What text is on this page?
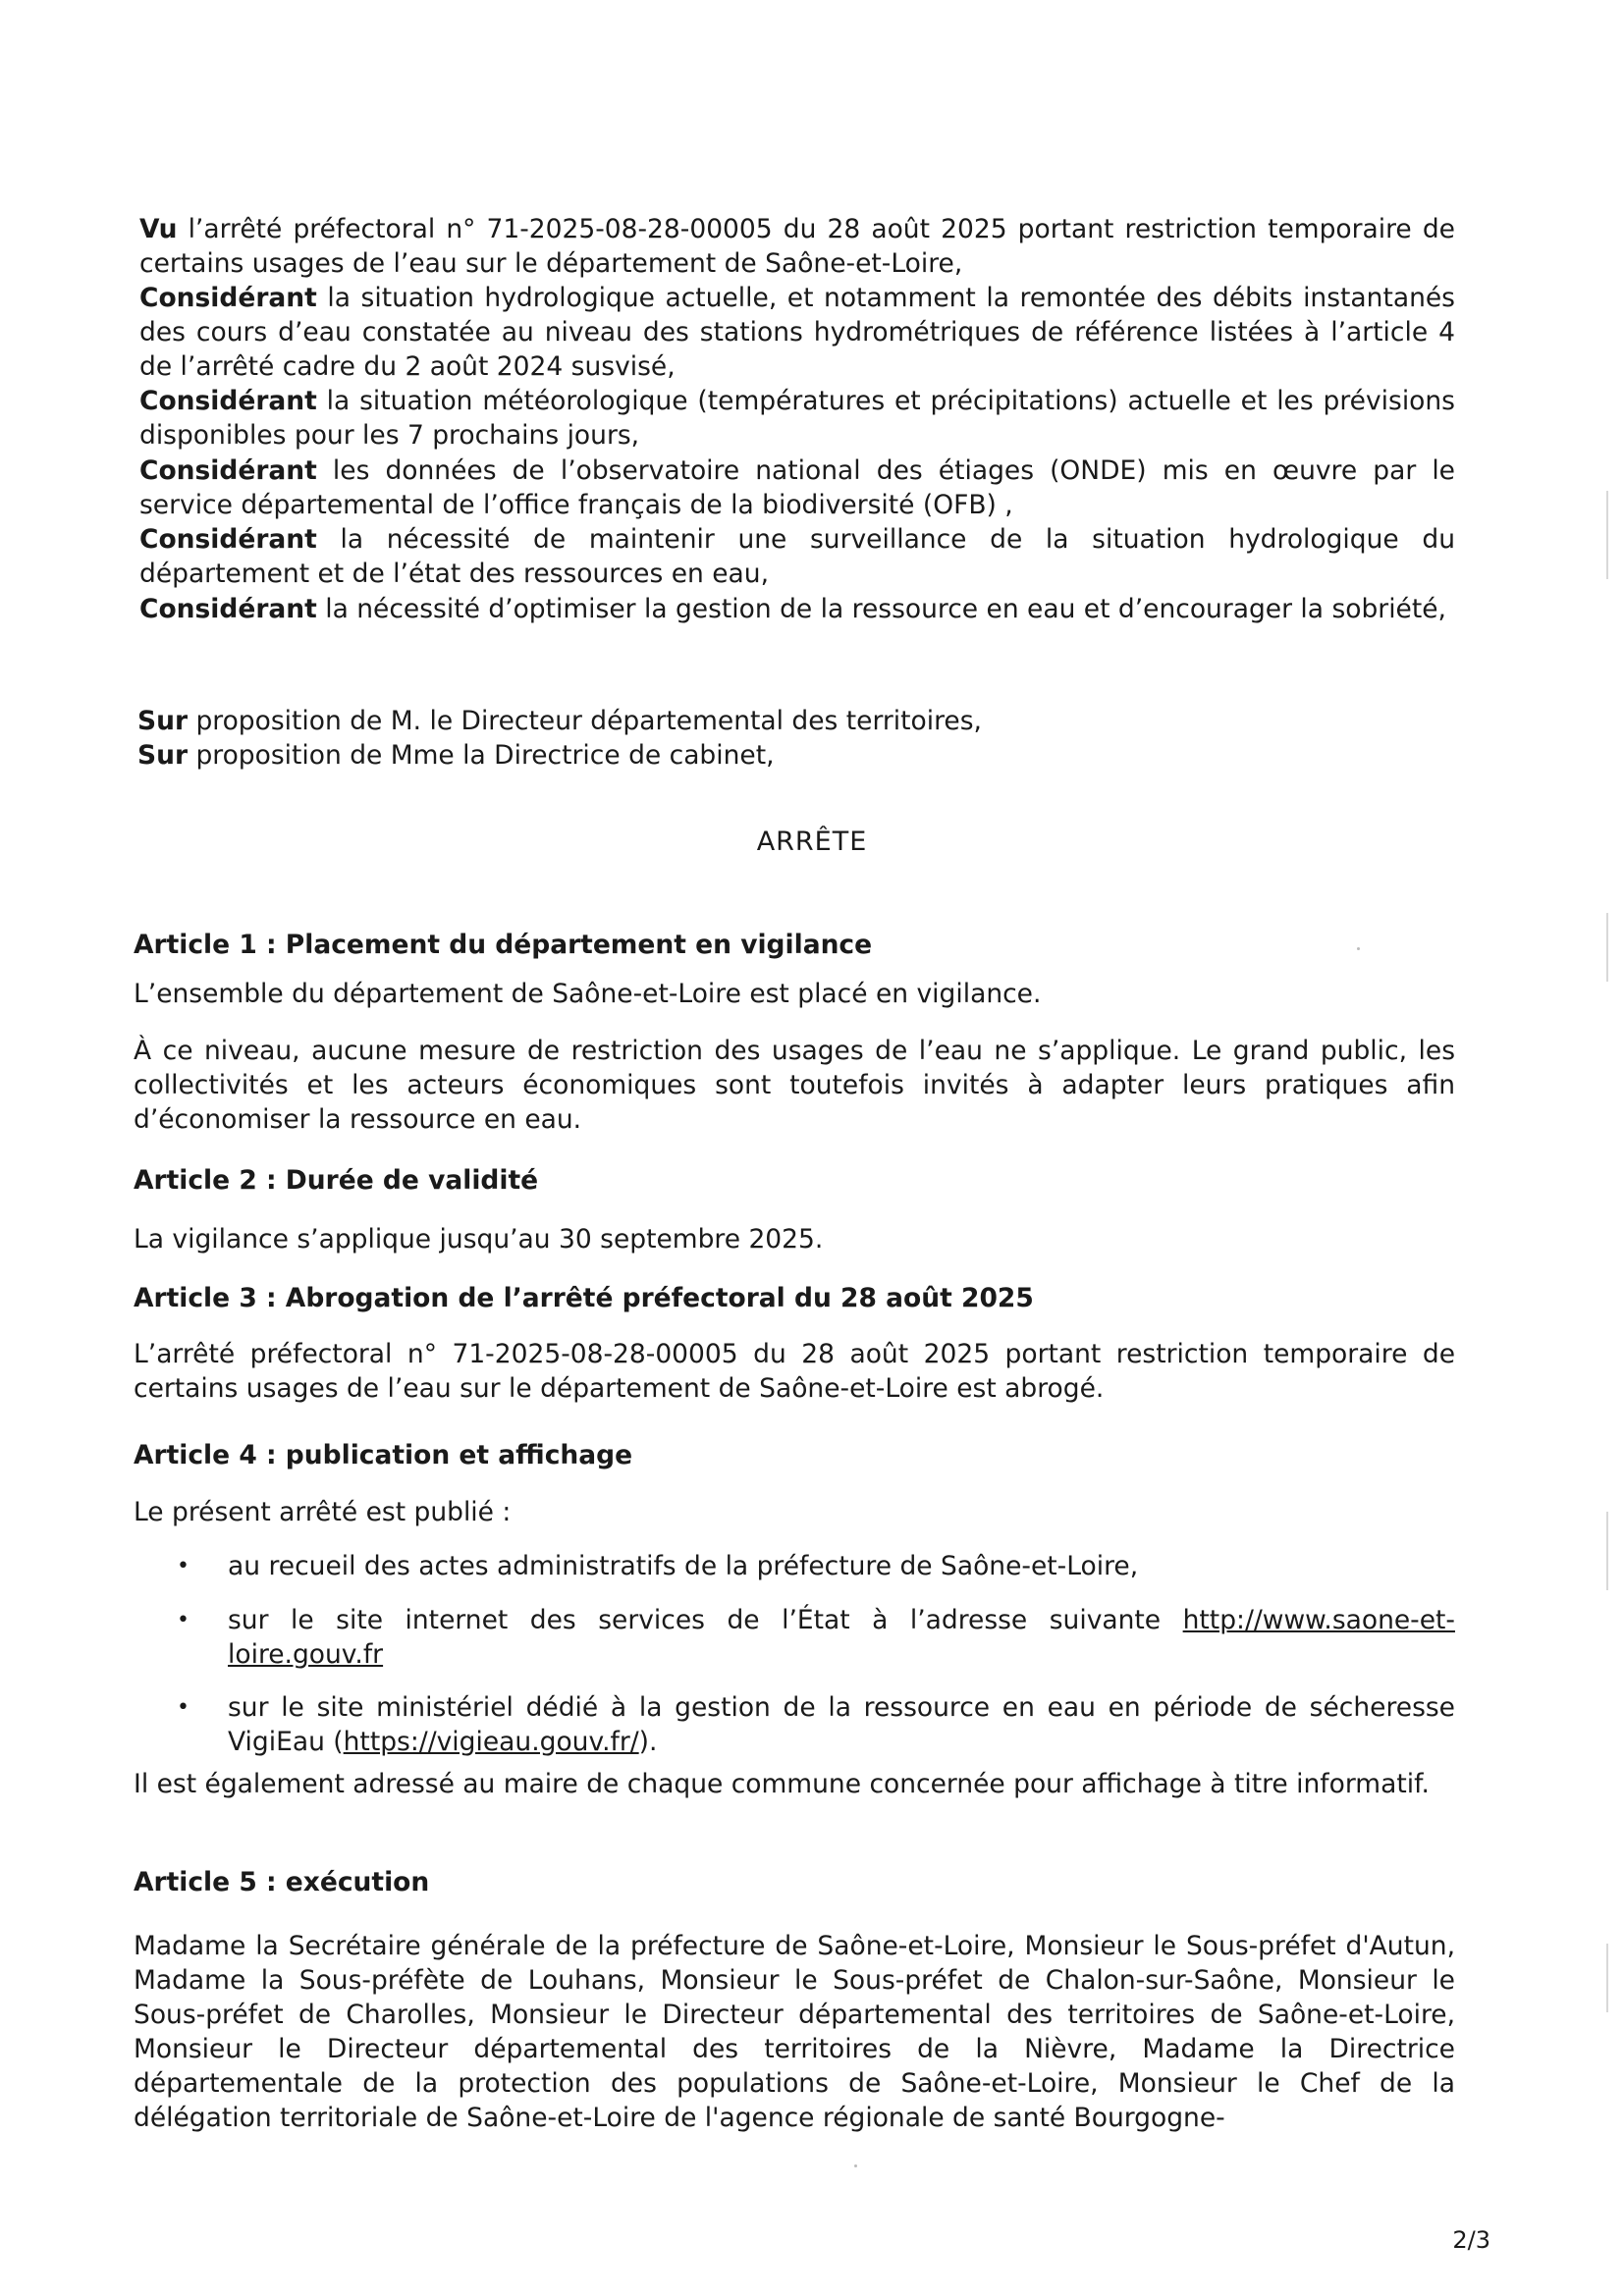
Vu l’arrêté préfectoral n° 71-2025-08-28-00005 du 28 août 2025 portant restriction temporaire de certains usages de l’eau sur le département de Saône-et-Loire,

Considérant la situation hydrologique actuelle, et notamment la remontée des débits instantanés des cours d’eau constatée au niveau des stations hydrométriques de référence listées à l’article 4 de l’arrêté cadre du 2 août 2024 susvisé,

Considérant la situation météorologique (températures et précipitations) actuelle et les prévisions disponibles pour les 7 prochains jours,

Considérant les données de l’observatoire national des étiages (ONDE) mis en œuvre par le service départemental de l’office français de la biodiversité (OFB) ,

Considérant la nécessité de maintenir une surveillance de la situation hydrologique du département et de l’état des ressources en eau,

Considérant la nécessité d’optimiser la gestion de la ressource en eau et d’encourager la sobriété,

Sur proposition de M. le Directeur départemental des territoires,

Sur proposition de Mme la Directrice de cabinet,

ARRÊTE
Article 1 : Placement du département en vigilance

L’ensemble du département de Saône-et-Loire est placé en vigilance.

À ce niveau, aucune mesure de restriction des usages de l’eau ne s’applique. Le grand public, les collectivités et les acteurs économiques sont toutefois invités à adapter leurs pratiques afin d’économiser la ressource en eau.

Article 2 : Durée de validité

La vigilance s’applique jusqu’au 30 septembre 2025.

Article 3 : Abrogation de l’arrêté préfectoral du 28 août 2025

L’arrêté préfectoral n° 71-2025-08-28-00005 du 28 août 2025 portant restriction temporaire de certains usages de l’eau sur le département de Saône-et-Loire est abrogé.

Article 4 : publication et affichage

Le présent arrêté est publié :

• au recueil des actes administratifs de la préfecture de Saône-et-Loire,

• sur le site internet des services de l’État à l’adresse suivante http://www.saone-et-loire.gouv.fr

• sur le site ministériel dédié à la gestion de la ressource en eau en période de sécheresse VigiEau (https://vigieau.gouv.fr/).

Il est également adressé au maire de chaque commune concernée pour affichage à titre informatif.

Article 5 : exécution

Madame la Secrétaire générale de la préfecture de Saône-et-Loire, Monsieur le Sous-préfet d'Autun, Madame la Sous-préfète de Louhans, Monsieur le Sous-préfet de Chalon-sur-Saône, Monsieur le Sous-préfet de Charolles, Monsieur le Directeur départemental des territoires de Saône-et-Loire, Monsieur le Directeur départemental des territoires de la Nièvre, Madame la Directrice départementale de la protection des populations de Saône-et-Loire, Monsieur le Chef de la délégation territoriale de Saône-et-Loire de l'agence régionale de santé Bourgogne-

2/3
